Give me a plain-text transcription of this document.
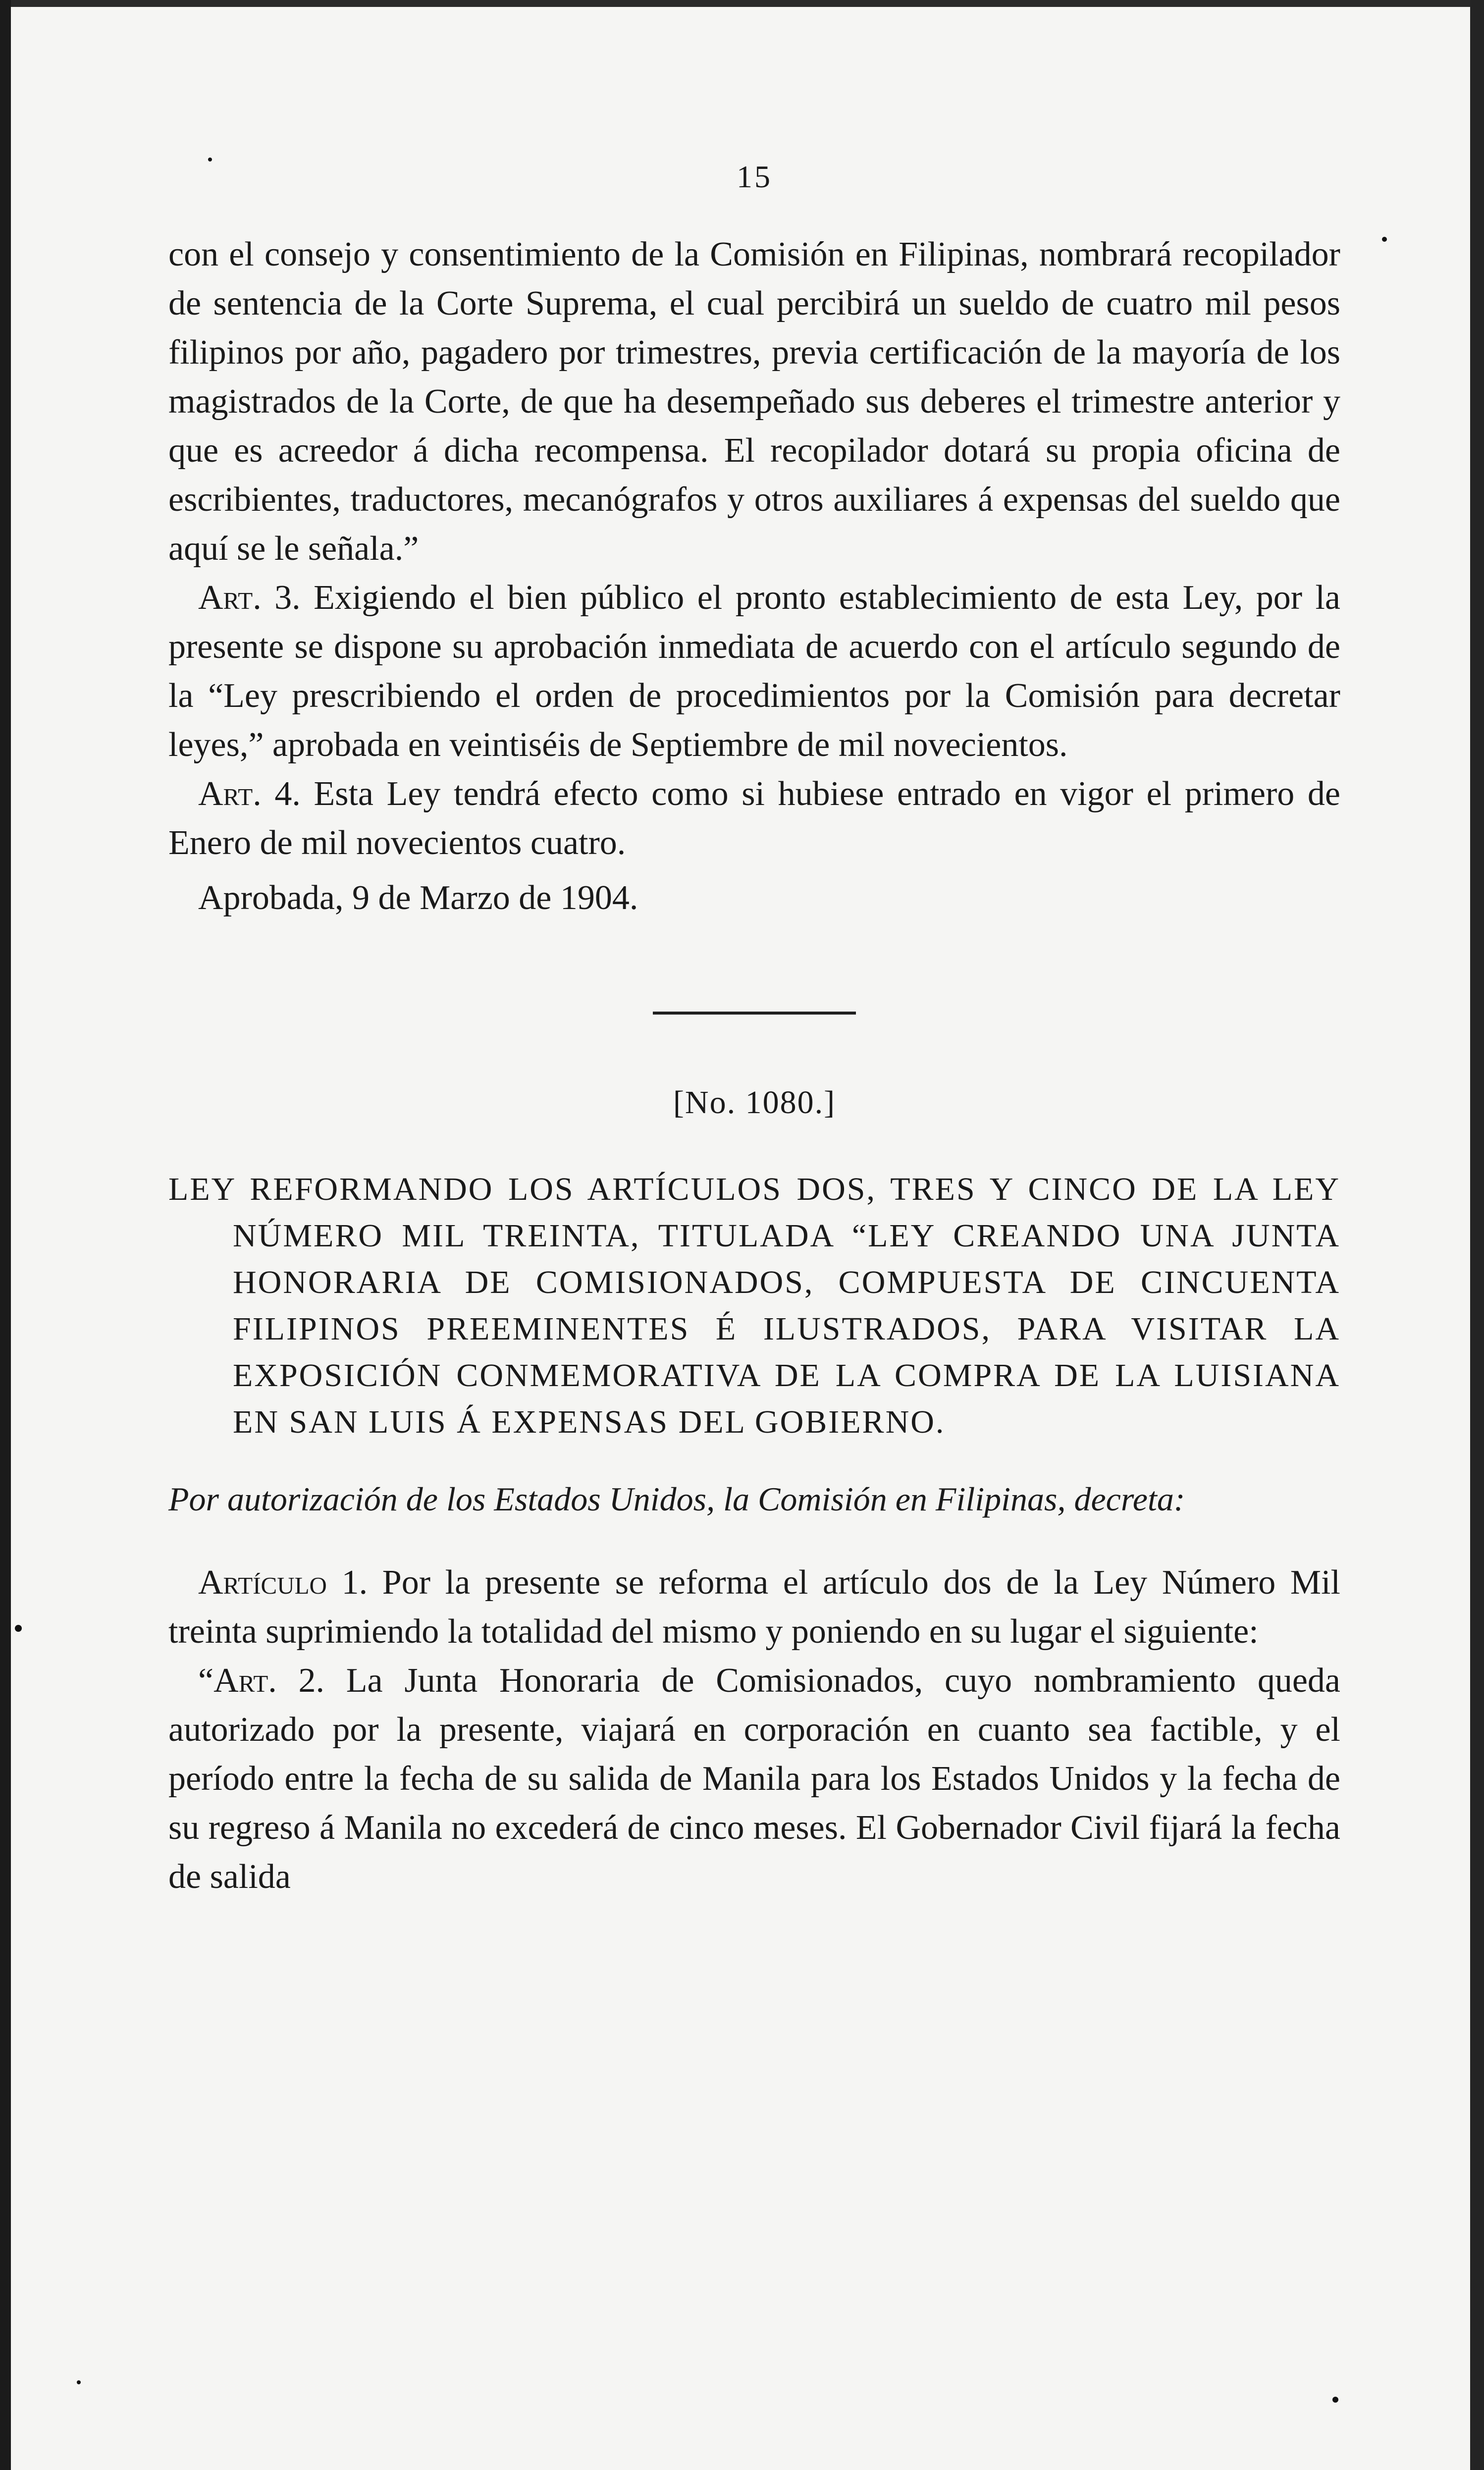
15

con el consejo y consentimiento de la Comisión en Filipinas, nombrará recopilador de sentencia de la Corte Suprema, el cual percibirá un sueldo de cuatro mil pesos filipinos por año, pagadero por trimestres, previa certificación de la mayoría de los magistrados de la Corte, de que ha desempeñado sus deberes el trimestre anterior y que es acreedor á dicha recompensa. El recopilador dotará su propia oficina de escribientes, traductores, mecanógrafos y otros auxiliares á expensas del sueldo que aquí se le señala.”

Art. 3. Exigiendo el bien público el pronto establecimiento de esta Ley, por la presente se dispone su aprobación inmediata de acuerdo con el artículo segundo de la “Ley prescribiendo el orden de procedimientos por la Comisión para decretar leyes,” aprobada en veintiséis de Septiembre de mil novecientos.

Art. 4. Esta Ley tendrá efecto como si hubiese entrado en vigor el primero de Enero de mil novecientos cuatro.

Aprobada, 9 de Marzo de 1904.
[No. 1080.]
LEY REFORMANDO LOS ARTÍCULOS DOS, TRES Y CINCO DE LA LEY NÚMERO MIL TREINTA, TITULADA “LEY CREANDO UNA JUNTA HONORARIA DE COMISIONADOS, COMPUESTA DE CINCUENTA FILIPINOS PREEMINENTES É ILUSTRADOS, PARA VISITAR LA EXPOSICIÓN CONMEMORATIVA DE LA COMPRA DE LA LUISIANA EN SAN LUIS Á EXPENSAS DEL GOBIERNO.
Por autorización de los Estados Unidos, la Comisión en Filipinas, decreta:

Artículo 1. Por la presente se reforma el artículo dos de la Ley Número Mil treinta suprimiendo la totalidad del mismo y poniendo en su lugar el siguiente:

“Art. 2. La Junta Honoraria de Comisionados, cuyo nombramiento queda autorizado por la presente, viajará en corporación en cuanto sea factible, y el período entre la fecha de su salida de Manila para los Estados Unidos y la fecha de su regreso á Manila no excederá de cinco meses. El Gobernador Civil fijará la fecha de salida
